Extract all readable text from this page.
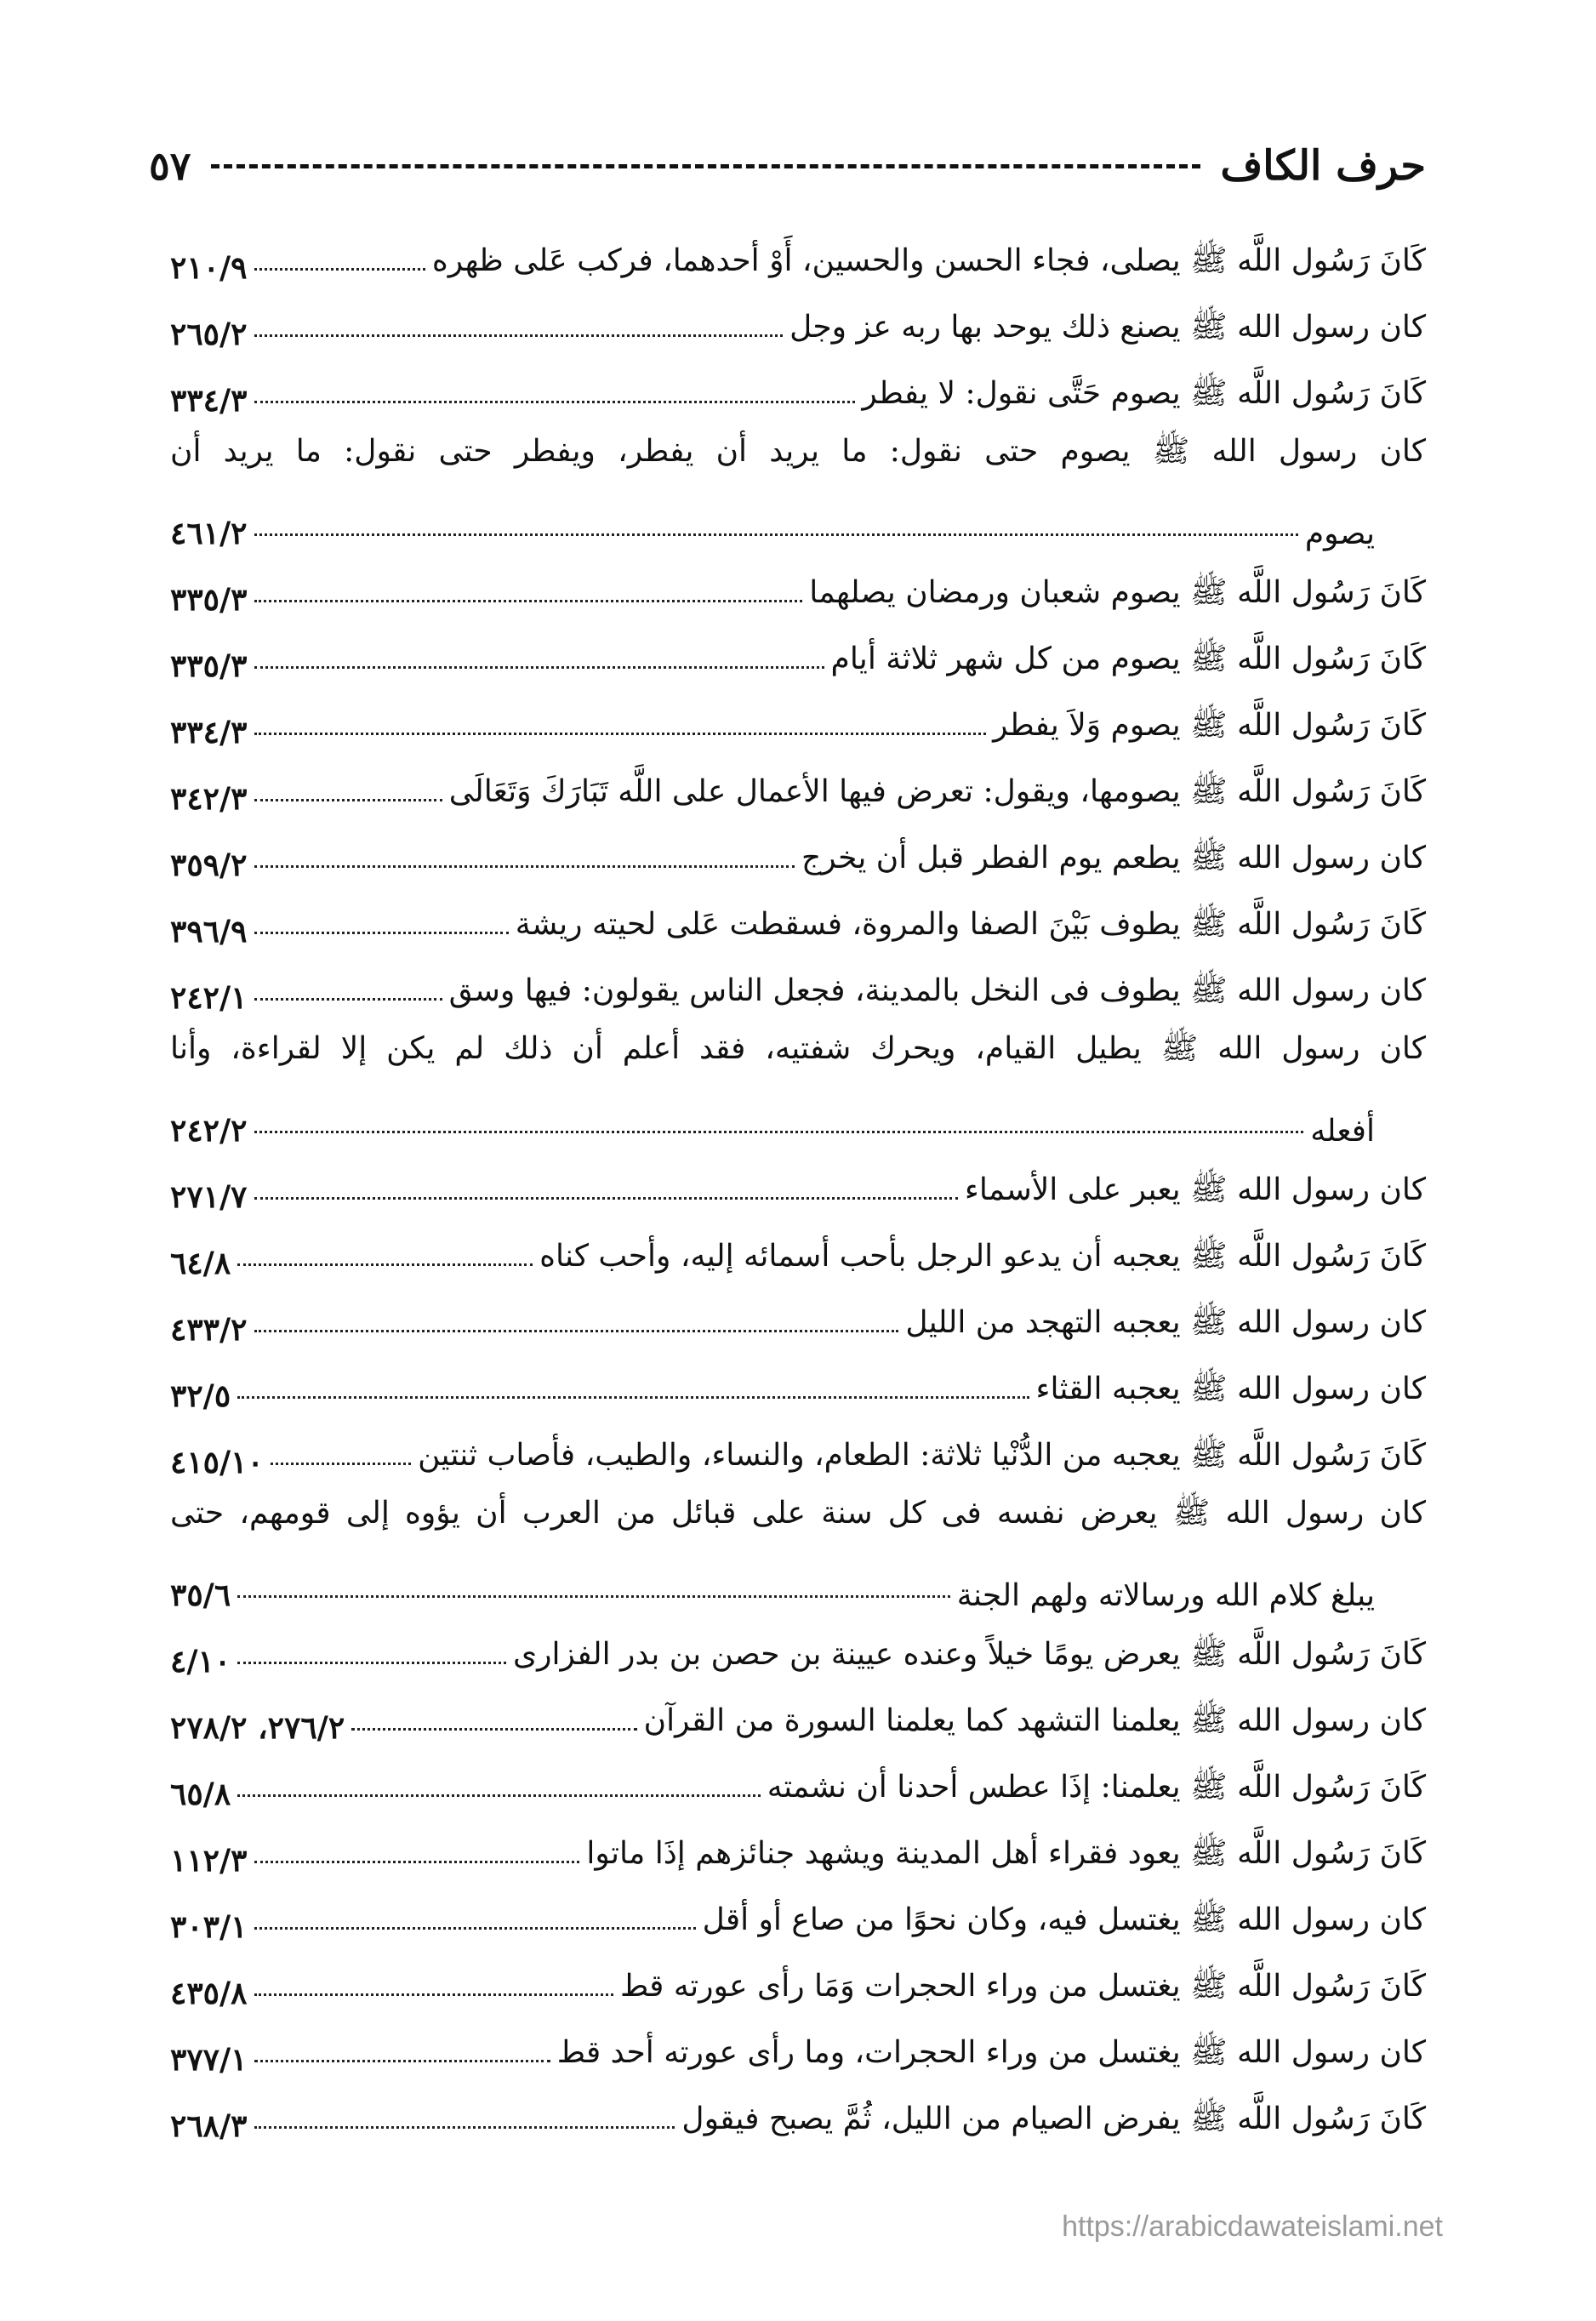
حرف الكاف
٥٧
كَانَ رَسُول اللَّه ﷺ يصلى، فجاء الحسن والحسين، أَوْ أحدهما، فركب عَلى ظهره
٢١٠/٩
كان رسول الله ﷺ يصنع ذلك يوحد بها ربه عز وجل
٢٦٥/٢
كَانَ رَسُول اللَّه ﷺ يصوم حَتَّى نقول: لا يفطر
٣٣٤/٣
كان رسول الله ﷺ يصوم حتى نقول: ما يريد أن يفطر، ويفطر حتى نقول: ما يريد أن
يصوم
٤٦١/٢
كَانَ رَسُول اللَّه ﷺ يصوم شعبان ورمضان يصلهما
٣٣٥/٣
كَانَ رَسُول اللَّه ﷺ يصوم من كل شهر ثلاثة أيام
٣٣٥/٣
كَانَ رَسُول اللَّه ﷺ يصوم وَلاَ يفطر
٣٣٤/٣
كَانَ رَسُول اللَّه ﷺ يصومها، ويقول: تعرض فيها الأعمال على اللَّه تَبَارَكَ وَتَعَالَى
٣٤٢/٣
كان رسول الله ﷺ يطعم يوم الفطر قبل أن يخرج
٣٥٩/٢
كَانَ رَسُول اللَّه ﷺ يطوف بَيْنَ الصفا والمروة، فسقطت عَلى لحيته ريشة
٣٩٦/٩
كان رسول الله ﷺ يطوف فى النخل بالمدينة، فجعل الناس يقولون: فيها وسق
٢٤٢/١
كان رسول الله ﷺ يطيل القيام، ويحرك شفتيه، فقد أعلم أن ذلك لم يكن إلا لقراءة، وأنا
أفعله
٢٤٢/٢
كان رسول الله ﷺ يعبر على الأسماء
٢٧١/٧
كَانَ رَسُول اللَّه ﷺ يعجبه أن يدعو الرجل بأحب أسمائه إليه، وأحب كناه
٦٤/٨
كان رسول الله ﷺ يعجبه التهجد من الليل
٤٣٣/٢
كان رسول الله ﷺ يعجبه القثاء
٣٢/٥
كَانَ رَسُول اللَّه ﷺ يعجبه من الدُّنْيا ثلاثة: الطعام، والنساء، والطيب، فأصاب ثنتين
٤١٥/١٠
كان رسول الله ﷺ يعرض نفسه فى كل سنة على قبائل من العرب أن يؤوه إلى قومهم، حتى
يبلغ كلام الله ورسالاته ولهم الجنة
٣٥/٦
كَانَ رَسُول اللَّه ﷺ يعرض يومًا خيلاً وعنده عيينة بن حصن بن بدر الفزارى
٤/١٠
كان رسول الله ﷺ يعلمنا التشهد كما يعلمنا السورة من القرآن
٢٧٦/٢، ٢٧٨/٢
كَانَ رَسُول اللَّه ﷺ يعلمنا: إذَا عطس أحدنا أن نشمته
٦٥/٨
كَانَ رَسُول اللَّه ﷺ يعود فقراء أهل المدينة ويشهد جنائزهم إذَا ماتوا
١١٢/٣
كان رسول الله ﷺ يغتسل فيه، وكان نحوًا من صاع أو أقل
٣٠٣/١
كَانَ رَسُول اللَّه ﷺ يغتسل من وراء الحجرات وَمَا رأى عورته قط
٤٣٥/٨
كان رسول الله ﷺ يغتسل من وراء الحجرات، وما رأى عورته أحد قط
٣٧٧/١
كَانَ رَسُول اللَّه ﷺ يفرض الصيام من الليل، ثُمَّ يصبح فيقول
٢٦٨/٣
https://arabicdawateislami.net
